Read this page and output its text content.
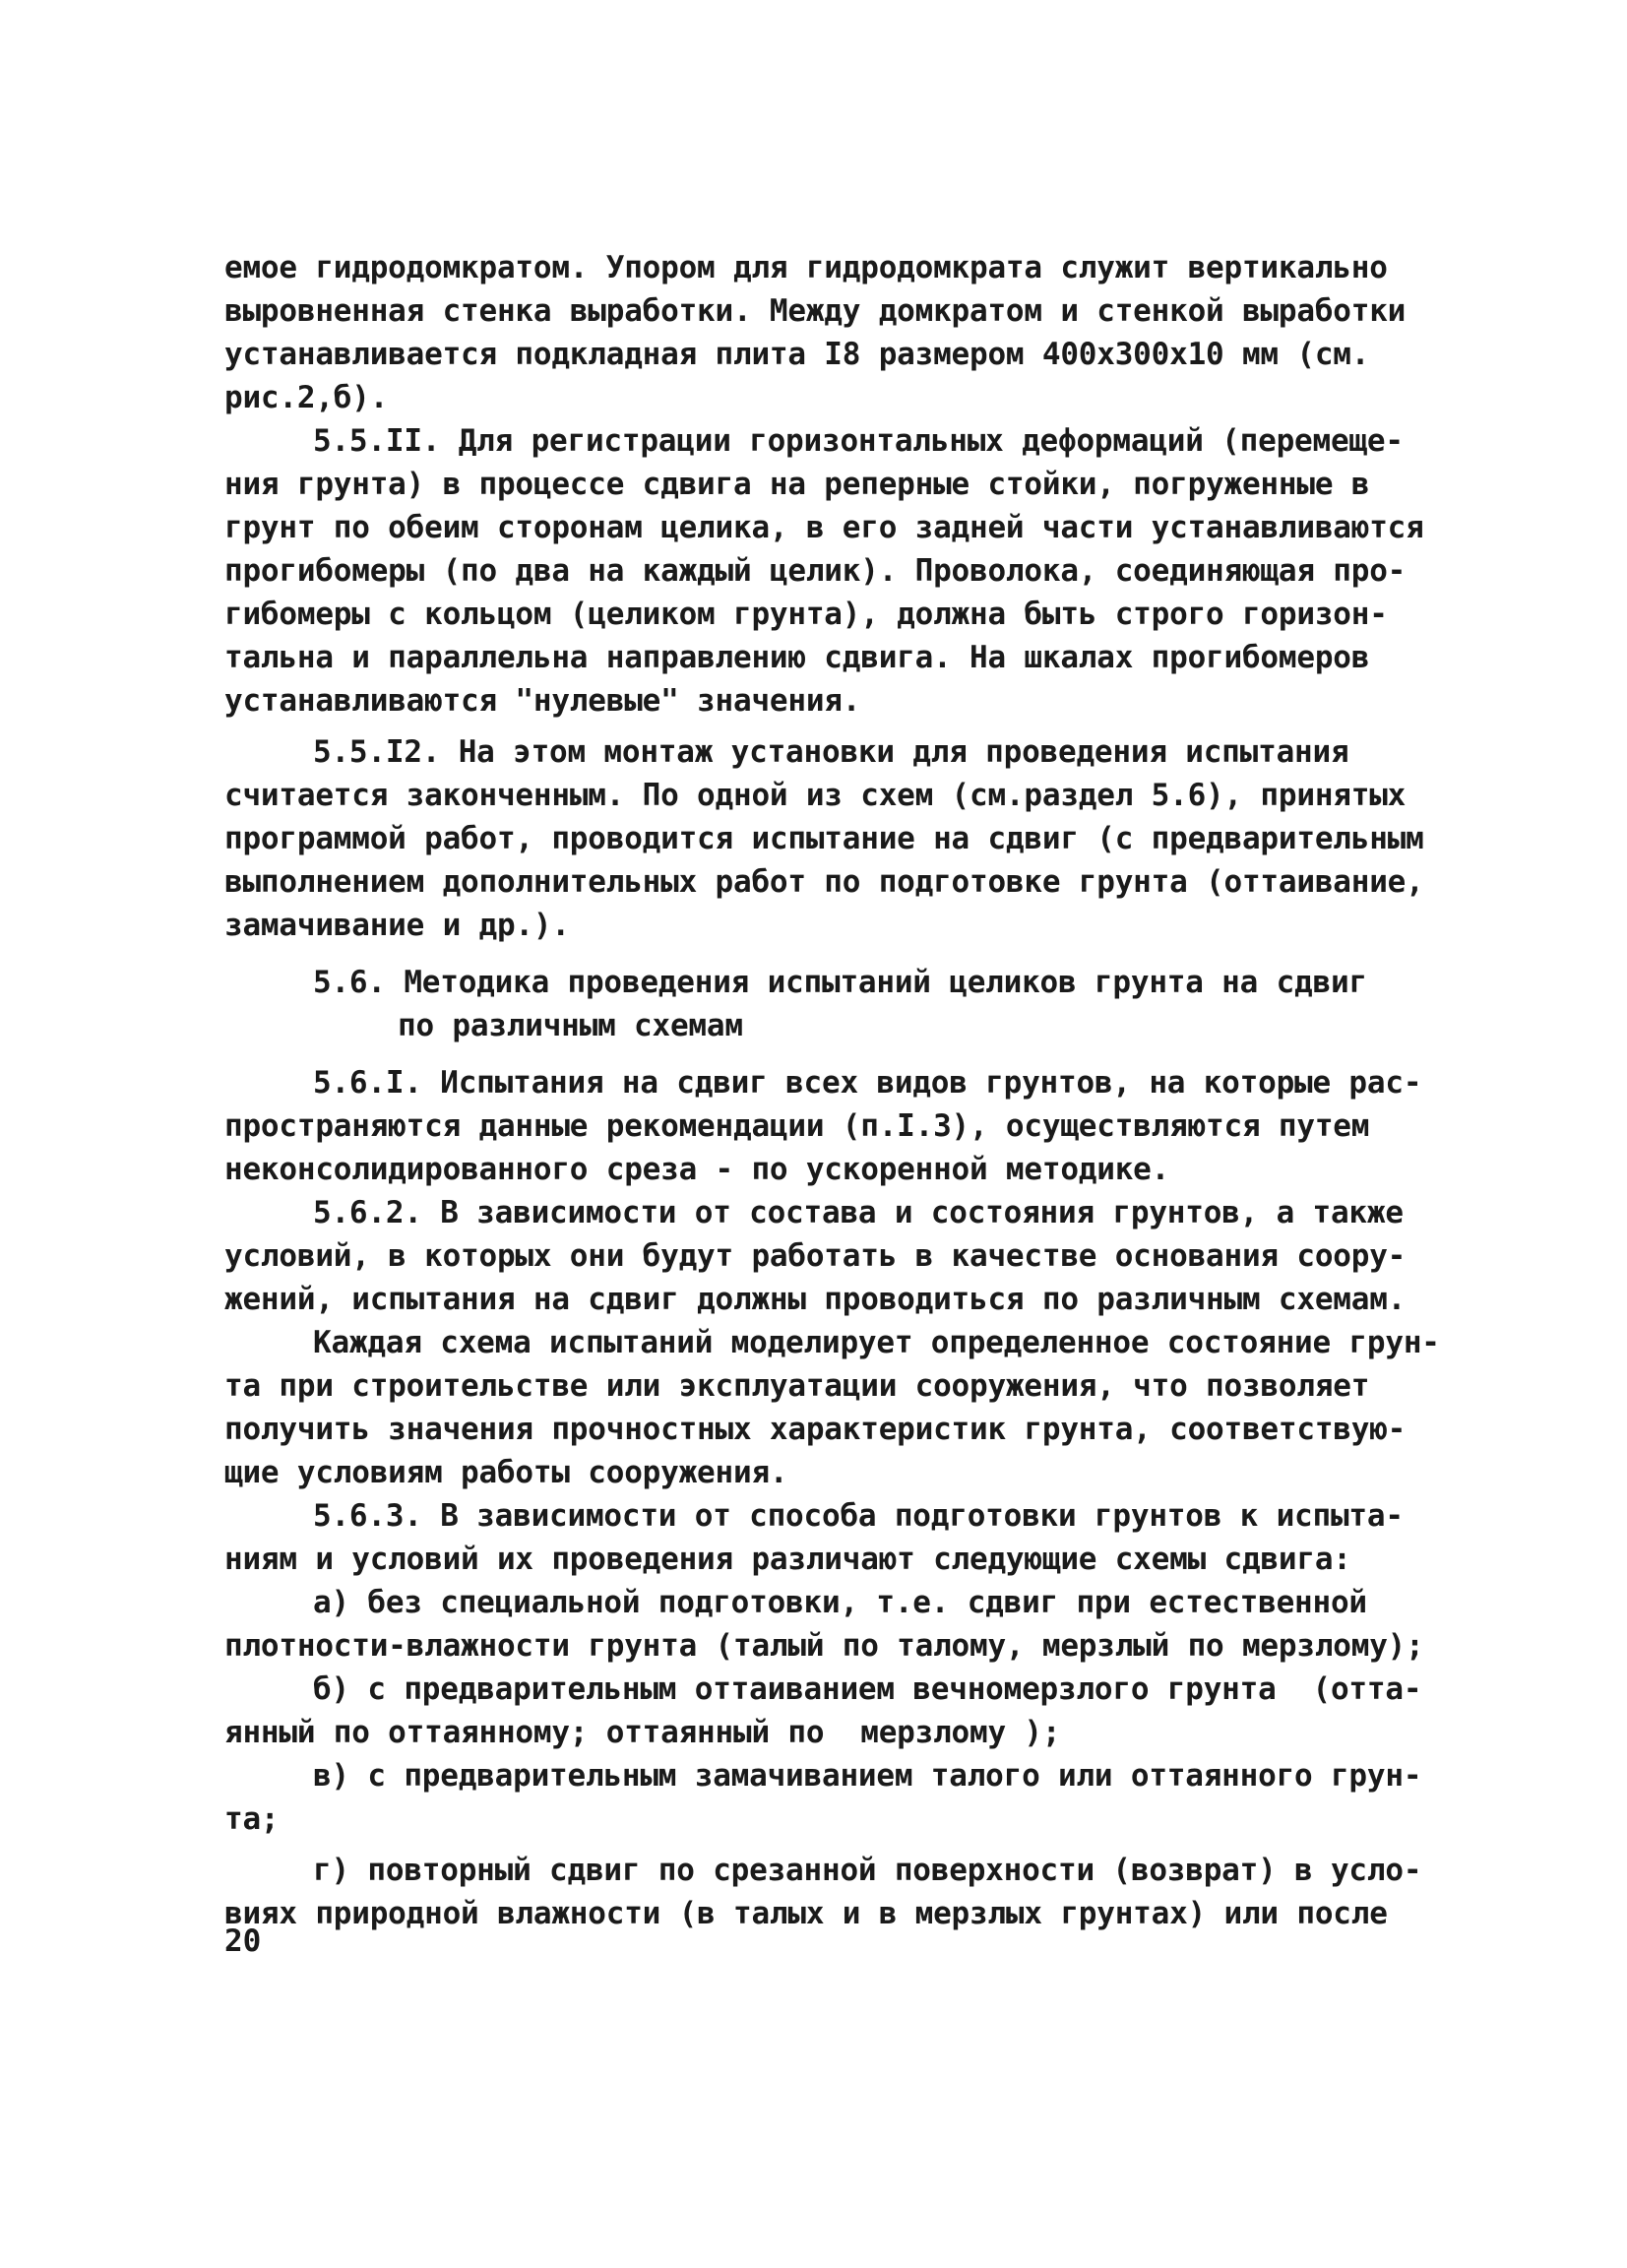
емое гидродомкратом. Упором для гидродомкрата служит вертикально
выровненная стенка выработки. Между домкратом и стенкой выработки
устанавливается подкладная плита I8 размером 400х300х10 мм (см.
рис.2,б).
5.5.II. Для регистрации горизонтальных деформаций (перемеще-
ния грунта) в процессе сдвига на реперные стойки, погруженные в
грунт по обеим сторонам целика, в его задней части устанавливаются
прогибомеры (по два на каждый целик). Проволока, соединяющая про-
гибомеры с кольцом (целиком грунта), должна быть строго горизон-
тальна и параллельна направлению сдвига. На шкалах прогибомеров
устанавливаются "нулевые" значения.
5.5.I2. На этом монтаж установки для проведения испытания
считается законченным. По одной из схем (см.раздел 5.6), принятых
программой работ, проводится испытание на сдвиг (с предварительным
выполнением дополнительных работ по подготовке грунта (оттаивание,
замачивание и др.).
5.6. Методика проведения испытаний целиков грунта на сдвиг
по различным схемам
5.6.I. Испытания на сдвиг всех видов грунтов, на которые рас-
пространяются данные рекомендации (п.I.3), осуществляются путем
неконсолидированного среза - по ускоренной методике.
5.6.2. В зависимости от состава и состояния грунтов, а также
условий, в которых они будут работать в качестве основания соору-
жений, испытания на сдвиг должны проводиться по различным схемам.
Каждая схема испытаний моделирует определенное состояние грун-
та при строительстве или эксплуатации сооружения, что позволяет
получить значения прочностных характеристик грунта, соответствую-
щие условиям работы сооружения.
5.6.3. В зависимости от способа подготовки грунтов к испыта-
ниям и условий их проведения различают следующие схемы сдвига:
а) без специальной подготовки, т.е. сдвиг при естественной
плотности-влажности грунта (талый по талому, мерзлый по мерзлому);
б) с предварительным оттаиванием вечномерзлого грунта  (отта-
янный по оттаянному; оттаянный по  мерзлому );
в) с предварительным замачиванием талого или оттаянного грун-
та;
г) повторный сдвиг по срезанной поверхности (возврат) в усло-
виях природной влажности (в талых и в мерзлых грунтах) или после
20
